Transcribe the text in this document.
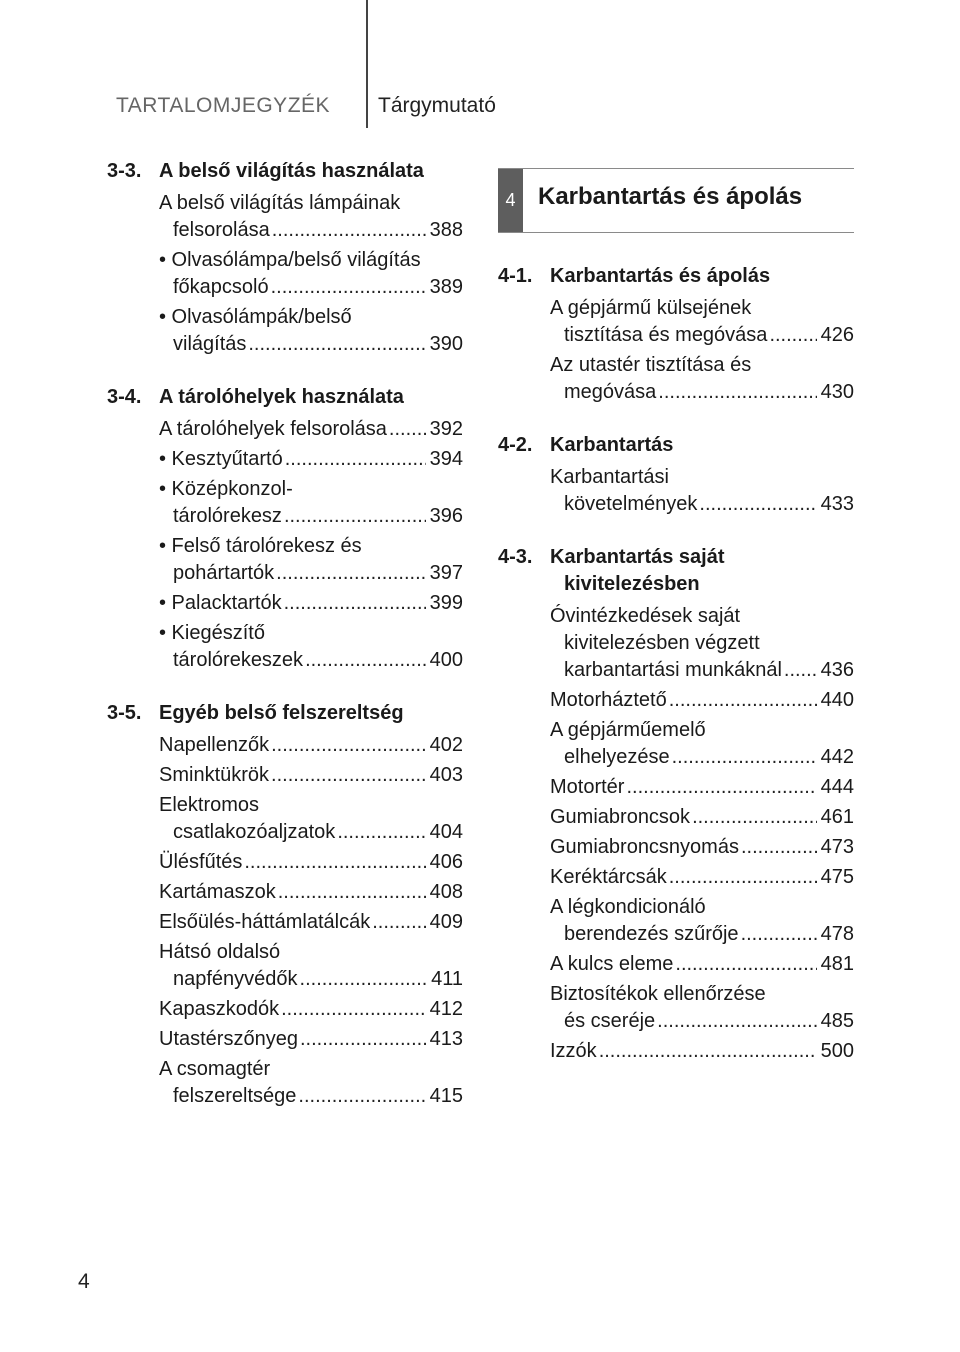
TARTALOMJEGYZÉK Tárgymutató
3-3. A belső világítás használata
A belső világítás lámpáinak
felsorolása .....	388
• Olvasólámpa/belső világítás
főkapcsoló .....	389
• Olvasólámpák/belső
világítás .....	390
3-4. A tárolóhelyek használata
A tárolóhelyek felsorolása ..... 392
• Kesztyűtartó .....	394
• Középkonzol-
tárolórekesz .....	396
• Felső tárolórekesz és
pohártartók .....	397
• Palacktartók .....	399
• Kiegészítő
tárolórekeszek .....	400
3-5. Egyéb belső felszereltség
Napellenzők .....	402
Sminktükrök .....	403
Elektromos
csatlakozóaljzatok .....	404
Ülésfűtés .....	406
Kartámaszok .....	408
Elsőülés-háttámlatálcák .....	409
Hátsó oldalsó
napfényvédők .....	411
Kapaszkodók .....	412
Utastérszőnyeg .....	413
A csomagtér
felszereltsége .....	415
4 Karbantartás és ápolás
4-1. Karbantartás és ápolás
A gépjármű külsejének
tisztítása és megóvása .....	426
Az utastér tisztítása és
megóvása .....	430
4-2. Karbantartás
Karbantartási
követelmények .....	433
4-3. Karbantartás saját
kivitelezésben
Óvintézkedések saját
kivitelezésben végzett
karbantartási munkáknál ..... 436
Motorháztető .....	440
A gépjárműemelő
elhelyezése .....	442
Motortér .....	444
Gumiabroncsok .....	461
Gumiabroncsnyomás .....	473
Keréktárcsák .....	475
A légkondicionáló
berendezés szűrője .....	478
A kulcs eleme .....	481
Biztosítékok ellenőrzése
és cseréje .....	485
Izzók .....	500
4
